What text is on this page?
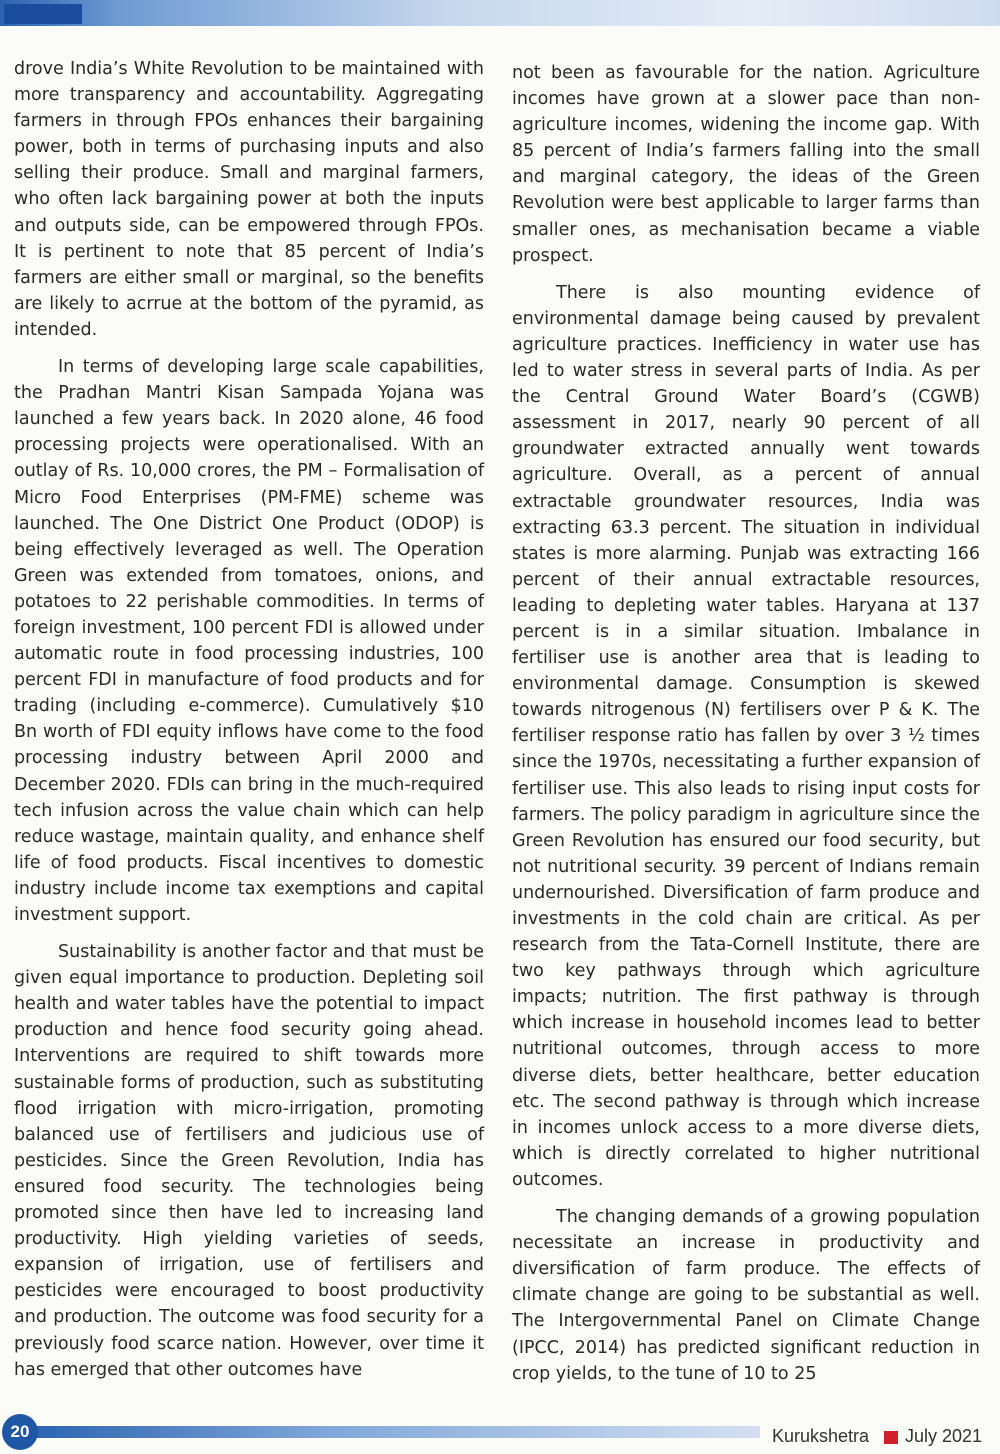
drove India’s White Revolution to be maintained with more transparency and accountability. Aggregating farmers in through FPOs enhances their bargaining power, both in terms of purchasing inputs and also selling their produce. Small and marginal farmers, who often lack bargaining power at both the inputs and outputs side, can be empowered through FPOs. It is pertinent to note that 85 percent of India’s farmers are either small or marginal, so the benefits are likely to acrrue at the bottom of the pyramid, as intended.

In terms of developing large scale capabilities, the Pradhan Mantri Kisan Sampada Yojana was launched a few years back. In 2020 alone, 46 food processing projects were operationalised. With an outlay of Rs. 10,000 crores, the PM – Formalisation of Micro Food Enterprises (PM-FME) scheme was launched. The One District One Product (ODOP) is being effectively leveraged as well. The Operation Green was extended from tomatoes, onions, and potatoes to 22 perishable commodities. In terms of foreign investment, 100 percent FDI is allowed under automatic route in food processing industries, 100 percent FDI in manufacture of food products and for trading (including e-commerce). Cumulatively $10 Bn worth of FDI equity inflows have come to the food processing industry between April 2000 and December 2020. FDIs can bring in the much-required tech infusion across the value chain which can help reduce wastage, maintain quality, and enhance shelf life of food products. Fiscal incentives to domestic industry include income tax exemptions and capital investment support.

Sustainability is another factor and that must be given equal importance to production. Depleting soil health and water tables have the potential to impact production and hence food security going ahead. Interventions are required to shift towards more sustainable forms of production, such as substituting flood irrigation with micro-irrigation, promoting balanced use of fertilisers and judicious use of pesticides. Since the Green Revolution, India has ensured food security. The technologies being promoted since then have led to increasing land productivity. High yielding varieties of seeds, expansion of irrigation, use of fertilisers and pesticides were encouraged to boost productivity and production. The outcome was food security for a previously food scarce nation. However, over time it has emerged that other outcomes have

not been as favourable for the nation. Agriculture incomes have grown at a slower pace than non-agriculture incomes, widening the income gap. With 85 percent of India’s farmers falling into the small and marginal category, the ideas of the Green Revolution were best applicable to larger farms than smaller ones, as mechanisation became a viable prospect.

There is also mounting evidence of environmental damage being caused by prevalent agriculture practices. Inefficiency in water use has led to water stress in several parts of India. As per the Central Ground Water Board’s (CGWB) assessment in 2017, nearly 90 percent of all groundwater extracted annually went towards agriculture. Overall, as a percent of annual extractable groundwater resources, India was extracting 63.3 percent. The situation in individual states is more alarming. Punjab was extracting 166 percent of their annual extractable resources, leading to depleting water tables. Haryana at 137 percent is in a similar situation. Imbalance in fertiliser use is another area that is leading to environmental damage. Consumption is skewed towards nitrogenous (N) fertilisers over P & K. The fertiliser response ratio has fallen by over 3 ½ times since the 1970s, necessitating a further expansion of fertiliser use. This also leads to rising input costs for farmers. The policy paradigm in agriculture since the Green Revolution has ensured our food security, but not nutritional security. 39 percent of Indians remain undernourished. Diversification of farm produce and investments in the cold chain are critical. As per research from the Tata-Cornell Institute, there are two key pathways through which agriculture impacts; nutrition. The first pathway is through which increase in household incomes lead to better nutritional outcomes, through access to more diverse diets, better healthcare, better education etc. The second pathway is through which increase in incomes unlock access to a more diverse diets, which is directly correlated to higher nutritional outcomes.

The changing demands of a growing population necessitate an increase in productivity and diversification of farm produce. The effects of climate change are going to be substantial as well. The Intergovernmental Panel on Climate Change (IPCC, 2014) has predicted significant reduction in crop yields, to the tune of 10 to 25

20	Kurukshetra July 2021
